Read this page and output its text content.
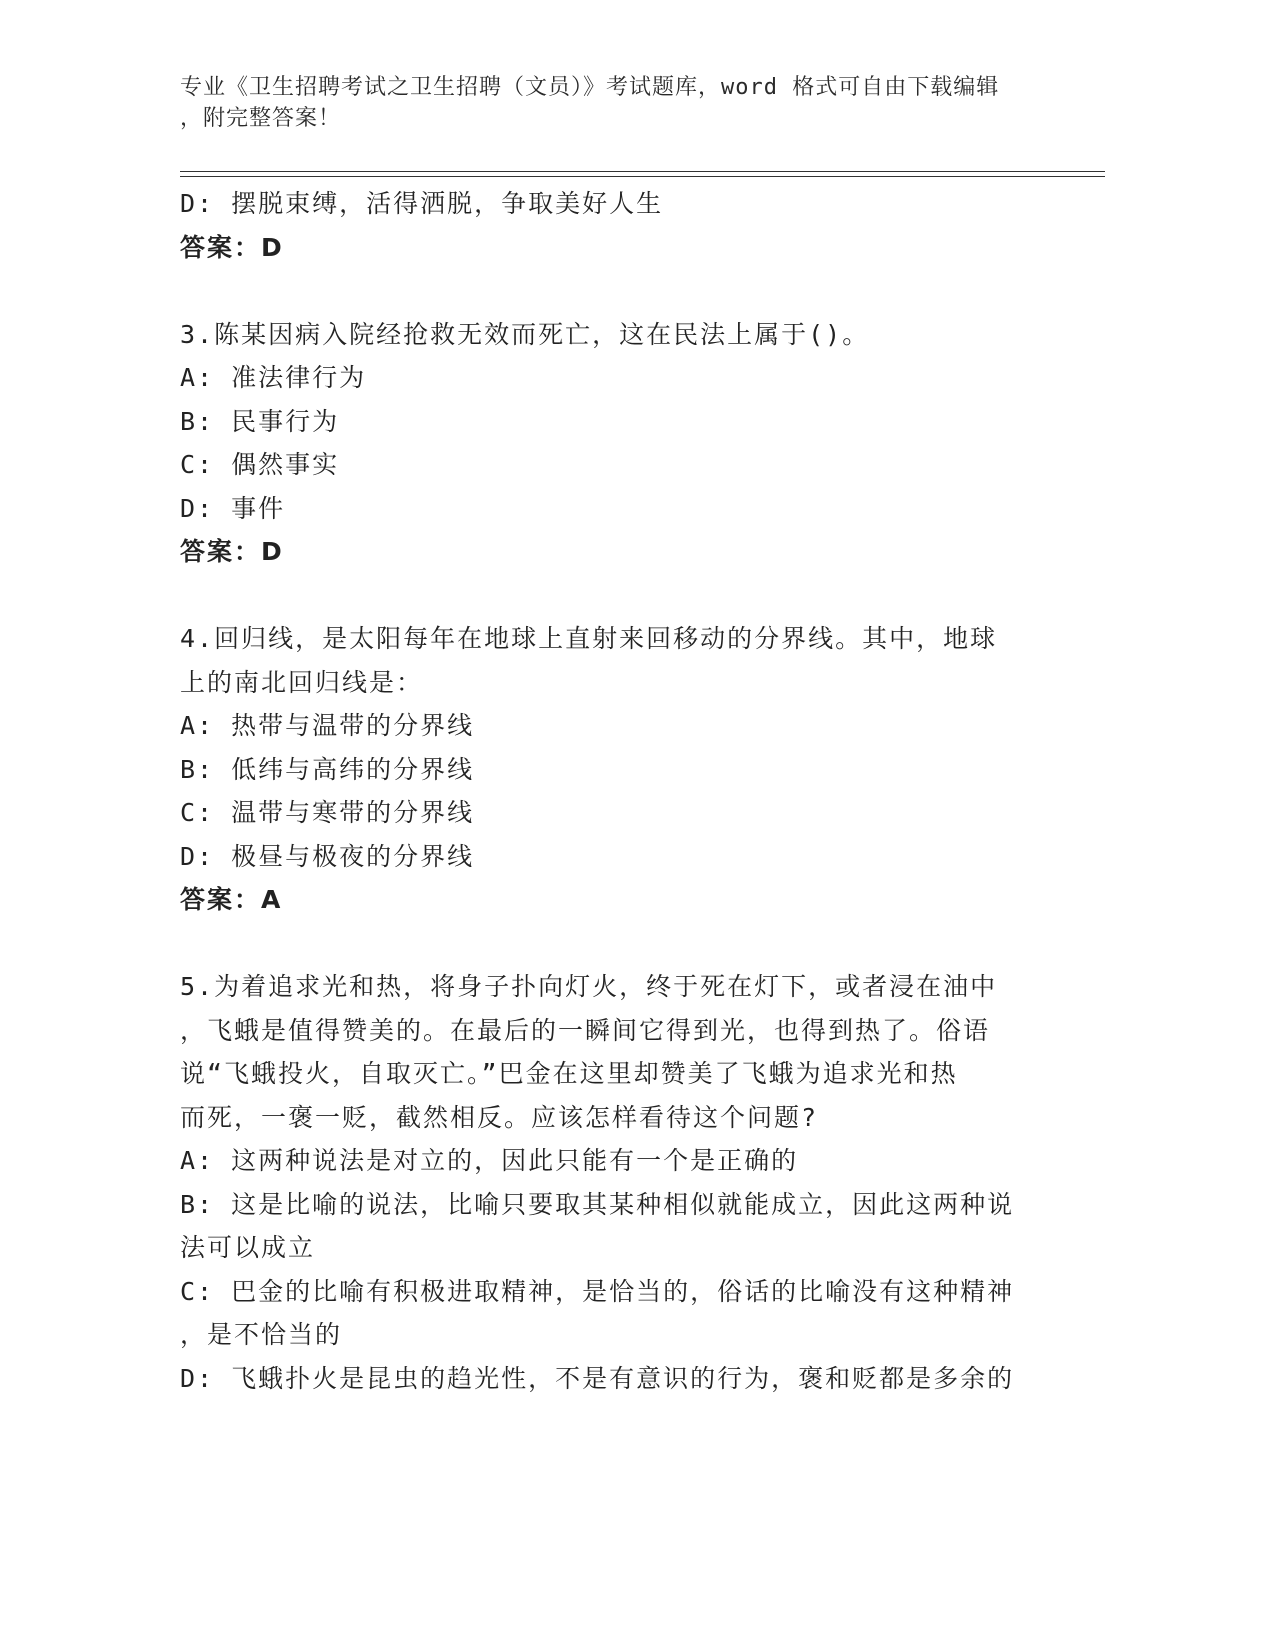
专业《卫生招聘考试之卫生招聘（文员）》考试题库，word 格式可自由下载编辑
，附完整答案！

D: 摆脱束缚，活得洒脱，争取美好人生

答案：D

3.陈某因病入院经抢救无效而死亡，这在民法上属于()。

A: 准法律行为

B: 民事行为

C: 偶然事实

D: 事件

答案：D

4.回归线，是太阳每年在地球上直射来回移动的分界线。其中，地球

上的南北回归线是：

A: 热带与温带的分界线

B: 低纬与高纬的分界线

C: 温带与寒带的分界线

D: 极昼与极夜的分界线

答案：A

5.为着追求光和热，将身子扑向灯火，终于死在灯下，或者浸在油中

，飞蛾是值得赞美的。在最后的一瞬间它得到光，也得到热了。俗语

说“飞蛾投火，自取灭亡。”巴金在这里却赞美了飞蛾为追求光和热

而死，一褒一贬，截然相反。应该怎样看待这个问题?

A: 这两种说法是对立的，因此只能有一个是正确的

B: 这是比喻的说法，比喻只要取其某种相似就能成立，因此这两种说

法可以成立

C: 巴金的比喻有积极进取精神，是恰当的，俗话的比喻没有这种精神

，是不恰当的

D: 飞蛾扑火是昆虫的趋光性，不是有意识的行为，褒和贬都是多余的
